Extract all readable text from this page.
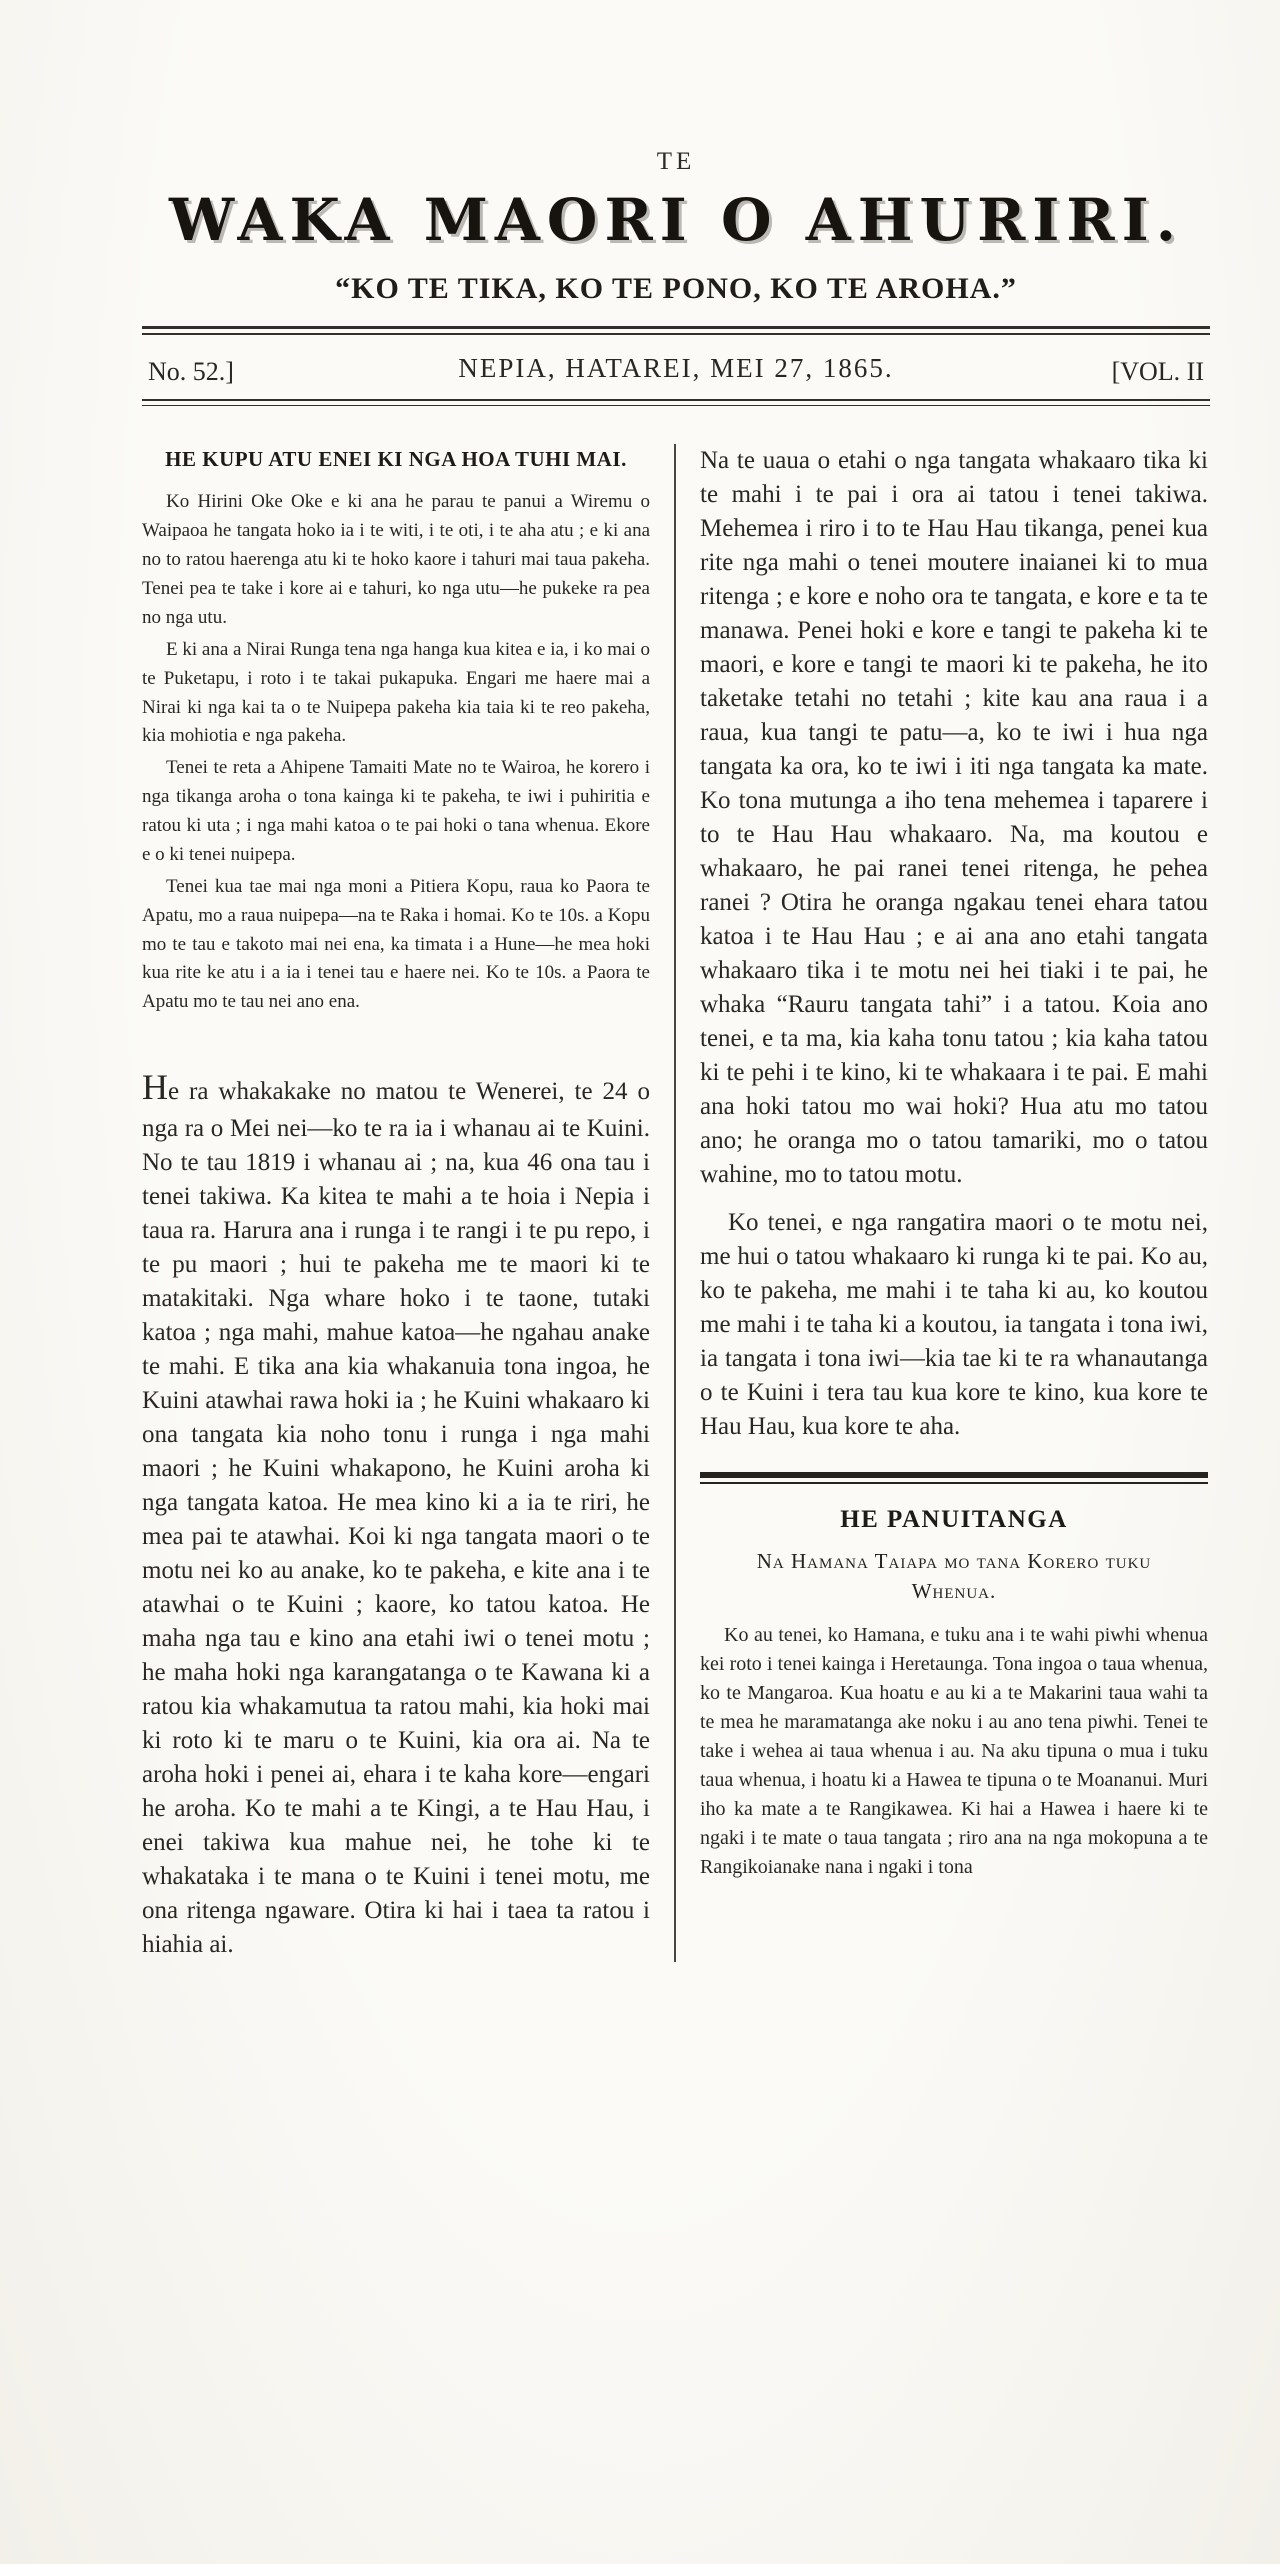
TE
WAKA MAORI O AHURIRI.
“KO TE TIKA, KO TE PONO, KO TE AROHA.”
NEPIA, HATAREI, MEI 27, 1865.
No. 52.]	[VOL. II
HE KUPU ATU ENEI KI NGA HOA TUHI MAI.

Ko Hirini Oke Oke e ki ana he parau te panui a Wiremu o Waipaoa he tangata hoko ia i te witi, i te oti, i te aha atu ; e ki ana no to ratou haerenga atu ki te hoko kaore i tahuri mai taua pakeha. Tenei pea te take i kore ai e tahuri, ko nga utu—he pukeke ra pea no nga utu.

E ki ana a Nirai Runga tena nga hanga kua kitea e ia, i ko mai o te Puketapu, i roto i te takai pukapuka. Engari me haere mai a Nirai ki nga kai ta o te Nuipepa pakeha kia taia ki te reo pakeha, kia mohiotia e nga pakeha.

Tenei te reta a Ahipene Tamaiti Mate no te Wairoa, he korero i nga tikanga aroha o tona kainga ki te pakeha, te iwi i puhiritia e ratou ki uta ; i nga mahi katoa o te pai hoki o tana whenua. Ekore e o ki tenei nuipepa.

Tenei kua tae mai nga moni a Pitiera Kopu, raua ko Paora te Apatu, mo a raua nuipepa—na te Raka i homai. Ko te 10s. a Kopu mo te tau e takoto mai nei ena, ka timata i a Hune—he mea hoki kua rite ke atu i a ia i tenei tau e haere nei. Ko te 10s. a Paora te Apatu mo te tau nei ano ena.

He ra whakakake no matou te Wenerei, te 24 o nga ra o Mei nei—ko te ra ia i whanau ai te Kuini. No te tau 1819 i whanau ai ; na, kua 46 ona tau i tenei takiwa. Ka kitea te mahi a te hoia i Nepia i taua ra. Harura ana i runga i te rangi i te pu repo, i te pu maori ; hui te pakeha me te maori ki te matakitaki. Nga whare hoko i te taone, tutaki katoa ; nga mahi, mahue katoa—he ngahau anake te mahi. E tika ana kia whakanuia tona ingoa, he Kuini atawhai rawa hoki ia ; he Kuini whakaaro ki ona tangata kia noho tonu i runga i nga mahi maori ; he Kuini whakapono, he Kuini aroha ki nga tangata katoa. He mea kino ki a ia te riri, he mea pai te atawhai. Koi ki nga tangata maori o te motu nei ko au anake, ko te pakeha, e kite ana i te atawhai o te Kuini ; kaore, ko tatou katoa. He maha nga tau e kino ana etahi iwi o tenei motu ; he maha hoki nga karangatanga o te Kawana ki a ratou kia whakamutua ta ratou mahi, kia hoki mai ki roto ki te maru o te Kuini, kia ora ai. Na te aroha hoki i penei ai, ehara i te kaha kore—engari he aroha. Ko te mahi a te Kingi, a te Hau Hau, i enei takiwa kua mahue nei, he tohe ki te whakataka i te mana o te Kuini i tenei motu, me ona ritenga ngaware. Otira ki hai i taea ta ratou i hiahia ai.

Na te uaua o etahi o nga tangata whakaaro tika ki te mahi i te pai i ora ai tatou i tenei takiwa. Mehemea i riro i to te Hau Hau tikanga, penei kua rite nga mahi o tenei moutere inaianei ki to mua ritenga ; e kore e noho ora te tangata, e kore e ta te manawa. Penei hoki e kore e tangi te pakeha ki te maori, e kore e tangi te maori ki te pakeha, he ito taketake tetahi no tetahi ; kite kau ana raua i a raua, kua tangi te patu—a, ko te iwi i hua nga tangata ka ora, ko te iwi i iti nga tangata ka mate. Ko tona mutunga a iho tena mehemea i taparere i to te Hau Hau whakaaro. Na, ma koutou e whakaaro, he pai ranei tenei ritenga, he pehea ranei ? Otira he oranga ngakau tenei ehara tatou katoa i te Hau Hau ; e ai ana ano etahi tangata whakaaro tika i te motu nei hei tiaki i te pai, he whaka “Rauru tangata tahi” i a tatou. Koia ano tenei, e ta ma, kia kaha tonu tatou ; kia kaha tatou ki te pehi i te kino, ki te whakaara i te pai. E mahi ana hoki tatou mo wai hoki? Hua atu mo tatou ano; he oranga mo o tatou tamariki, mo o tatou wahine, mo to tatou motu.

Ko tenei, e nga rangatira maori o te motu nei, me hui o tatou whakaaro ki runga ki te pai. Ko au, ko te pakeha, me mahi i te taha ki au, ko koutou me mahi i te taha ki a koutou, ia tangata i tona iwi, ia tangata i tona iwi—kia tae ki te ra whanautanga o te Kuini i tera tau kua kore te kino, kua kore te Hau Hau, kua kore te aha.

HE PANUITANGA
Na Hamana Taiapa mo tana Korero tuku Whenua.

Ko au tenei, ko Hamana, e tuku ana i te wahi piwhi whenua kei roto i tenei kainga i Heretaunga. Tona ingoa o taua whenua, ko te Mangaroa. Kua hoatu e au ki a te Makarini taua wahi ta te mea he maramatanga ake noku i au ano tena piwhi. Tenei te take i wehea ai taua whenua i au. Na aku tipuna o mua i tuku taua whenua, i hoatu ki a Hawea te tipuna o te Moananui. Muri iho ka mate a te Rangikawea. Ki hai a Hawea i haere ki te ngaki i te mate o taua tangata ; riro ana na nga mokopuna a te Rangikoianake nana i ngaki i tona
